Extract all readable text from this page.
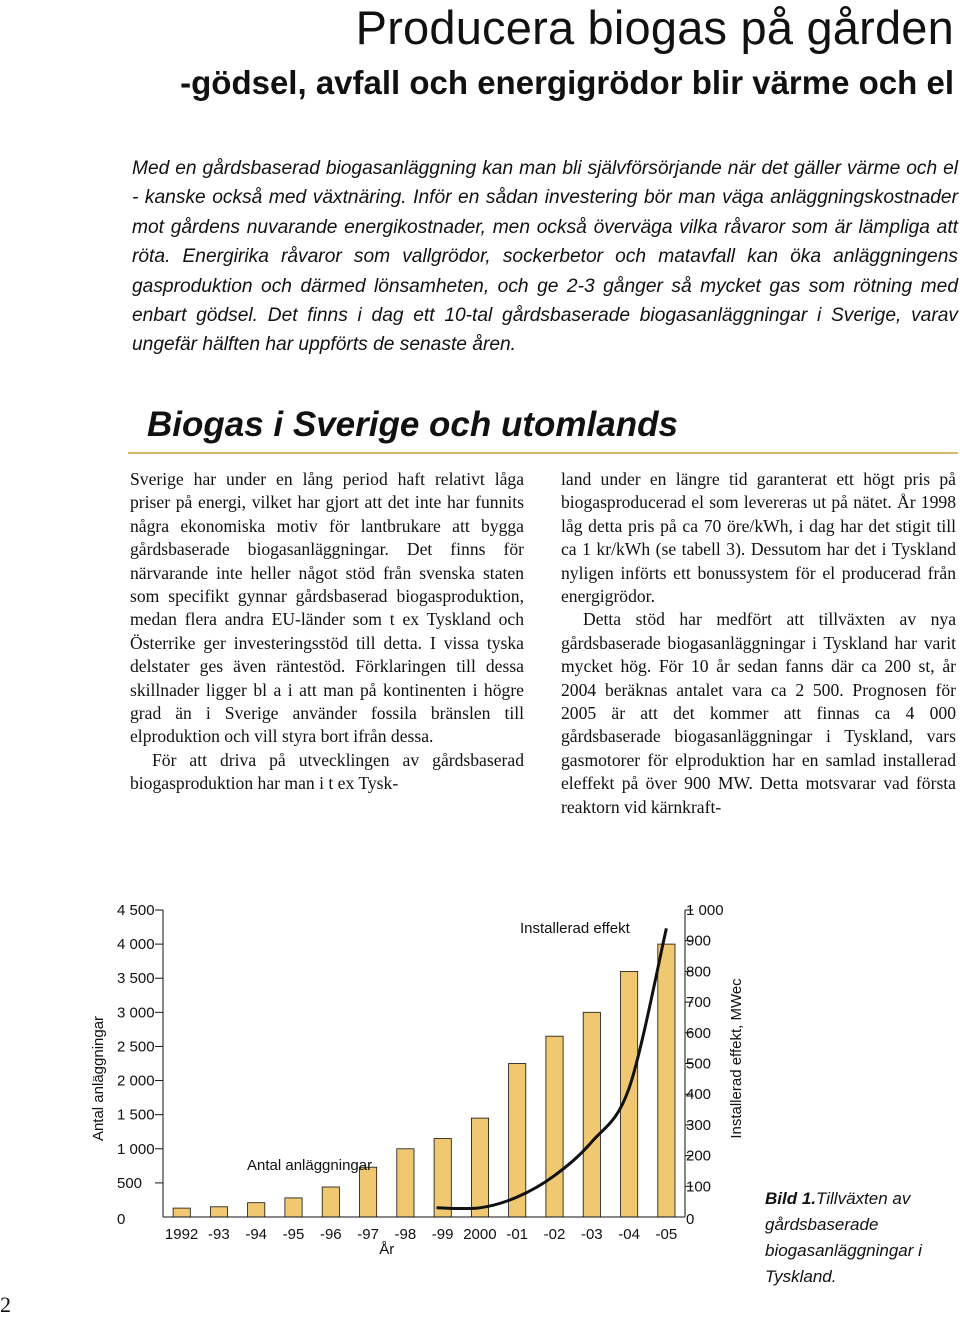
Producera biogas på gården
-gödsel, avfall och energigrödor blir värme och el

Med en gårdsbaserad biogasanläggning kan man bli självförsörjande när det gäller värme och el - kanske också med växtnäring. Inför en sådan investering bör man väga anläggningskostnader mot gårdens nuvarande energikostnader, men också överväga vilka råvaror som är lämpliga att röta. Energirika råvaror som vallgrödor, sockerbetor och matavfall kan öka anläggningens gasproduktion och därmed lönsamheten, och ge 2-3 gånger så mycket gas som rötning med enbart gödsel. Det finns i dag ett 10-tal gårdsbaserade biogasanläggningar i Sverige, varav ungefär hälften har uppförts de senaste åren.

Biogas i Sverige och utomlands

Sverige har under en lång period haft relativt låga priser på energi, vilket har gjort att det inte har funnits några ekonomiska motiv för lantbrukare att bygga gårdsbaserade biogasanläggningar. Det finns för närvarande inte heller något stöd från svenska staten som specifikt gynnar gårdsbaserad biogasproduktion, medan flera andra EU-länder som t ex Tyskland och Österrike ger investeringsstöd till detta. I vissa tyska delstater ges även räntestöd. Förklaringen till dessa skillnader ligger bl a i att man på kontinenten i högre grad än i Sverige använder fossila bränslen till elproduktion och vill styra bort ifrån dessa.

För att driva på utvecklingen av gårdsbaserad biogasproduktion har man i t ex Tysk-

land under en längre tid garanterat ett högt pris på biogasproducerad el som levereras ut på nätet. År 1998 låg detta pris på ca 70 öre/kWh, i dag har det stigit till ca 1 kr/kWh (se tabell 3). Dessutom har det i Tyskland nyligen införts ett bonussystem för el producerad från energigrödor.

Detta stöd har medfört att tillväxten av nya gårdsbaserade biogasanläggningar i Tyskland har varit mycket hög. För 10 år sedan fanns där ca 200 st, år 2004 beräknas antalet vara ca 2 500. Prognosen för 2005 är att det kommer att finnas ca 4 000 gårdsbaserade biogasanläggningar i Tyskland, vars gasmotorer för elproduktion har en samlad installerad eleffekt på över 900 MW. Detta motsvarar vad första reaktorn vid kärnkraft-

0
500
1 000
1 500
2 000
2 500
3 000
3 500
4 000
4 500
0
100
200
300
400
500
600
700
800
900
1 000
1992 -93 -94 -95 -96 -97 -98 -99 2000 -01 -02 -03 -04 -05
Antal anläggningar	Installerad effekt, MWec
År
Installerad effekt
Antal anläggningar

Bild 1.Tillväxten av gårdsbaserade biogasanläggningar i Tyskland.

2
